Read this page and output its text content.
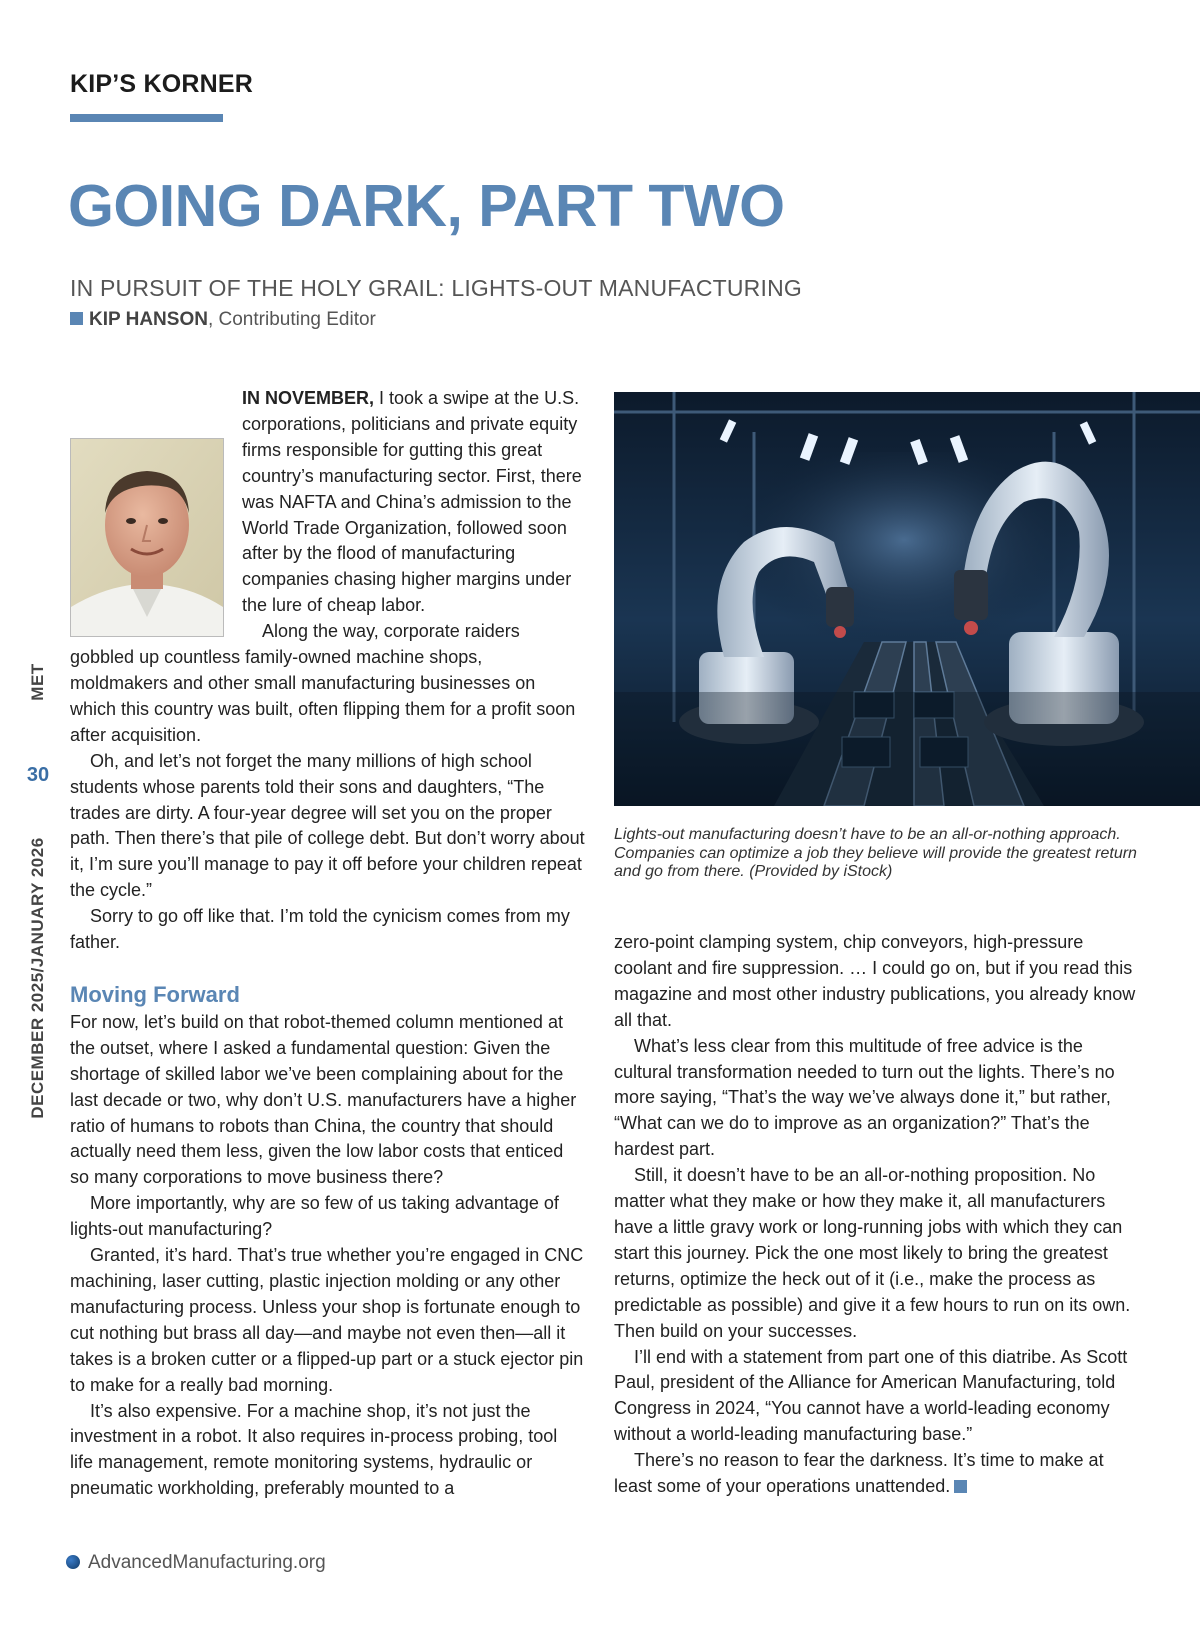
KIP’S KORNER
GOING DARK, PART TWO
IN PURSUIT OF THE HOLY GRAIL: LIGHTS-OUT MANUFACTURING
KIP HANSON, Contributing Editor
MET
30
DECEMBER 2025/JANUARY 2026

IN NOVEMBER, I took a swipe at the U.S. corporations, politicians and private equity firms responsible for gutting this great country’s manufacturing sector. First, there was NAFTA and China’s admission to the World Trade Organization, followed soon after by the flood of manufacturing companies chasing higher margins under the lure of cheap labor.

Along the way, corporate raiders gobbled up countless family-owned machine shops, moldmakers and other small manufacturing businesses on which this country was built, often flipping them for a profit soon after acquisition.

Oh, and let’s not forget the many millions of high school students whose parents told their sons and daughters, “The trades are dirty. A four-year degree will set you on the proper path. Then there’s that pile of college debt. But don’t worry about it, I’m sure you’ll manage to pay it off before your children repeat the cycle.”

Sorry to go off like that. I’m told the cynicism comes from my father.

Moving Forward

For now, let’s build on that robot-themed column mentioned at the outset, where I asked a fundamental question: Given the shortage of skilled labor we’ve been complaining about for the last decade or two, why don’t U.S. manufacturers have a higher ratio of humans to robots than China, the country that should actually need them less, given the low labor costs that enticed so many corporations to move business there?

More importantly, why are so few of us taking advantage of lights-out manufacturing?

Granted, it’s hard. That’s true whether you’re engaged in CNC machining, laser cutting, plastic injection molding or any other manufacturing process. Unless your shop is fortunate enough to cut nothing but brass all day—and maybe not even then—all it takes is a broken cutter or a flipped-up part or a stuck ejector pin to make for a really bad morning.

It’s also expensive. For a machine shop, it’s not just the investment in a robot. It also requires in-process probing, tool life management, remote monitoring systems, hydraulic or pneumatic workholding, preferably mounted to a

Lights-out manufacturing doesn’t have to be an all-or-nothing approach. Companies can optimize a job they believe will provide the greatest return and go from there. (Provided by iStock)

zero-point clamping system, chip conveyors, high-pressure coolant and fire suppression. … I could go on, but if you read this magazine and most other industry publications, you already know all that.

What’s less clear from this multitude of free advice is the cultural transformation needed to turn out the lights. There’s no more saying, “That’s the way we’ve always done it,” but rather, “What can we do to improve as an organization?” That’s the hardest part.

Still, it doesn’t have to be an all-or-nothing proposition. No matter what they make or how they make it, all manufacturers have a little gravy work or long-running jobs with which they can start this journey. Pick the one most likely to bring the greatest returns, optimize the heck out of it (i.e., make the process as predictable as possible) and give it a few hours to run on its own. Then build on your successes.

I’ll end with a statement from part one of this diatribe. As Scott Paul, president of the Alliance for American Manufacturing, told Congress in 2024, “You cannot have a world-leading economy without a world-leading manufacturing base.”

There’s no reason to fear the darkness. It’s time to make at least some of your operations unattended.

AdvancedManufacturing.org
